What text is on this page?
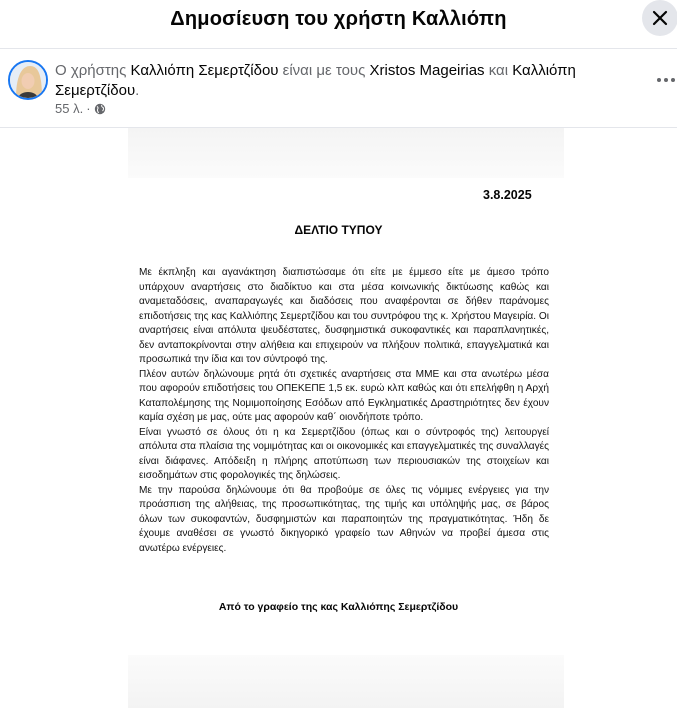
Δημοσίευση του χρήστη Καλλιόπη
Ο χρήστης Καλλιόπη Σεμερτζίδου είναι με τους Xristos Mageirias και Καλλιόπη Σεμερτζίδου.
55 λ. ·
3.8.2025
ΔΕΛΤΙΟ ΤΥΠΟΥ

Με έκπληξη και αγανάκτηση διαπιστώσαμε ότι είτε με έμμεσο είτε με άμεσο τρόπο υπάρχουν αναρτήσεις στο διαδίκτυο και στα μέσα κοινωνικής δικτύωσης καθώς και αναμεταδόσεις, αναπαραγωγές και διαδόσεις που αναφέρονται σε δήθεν παράνομες επιδοτήσεις της κας Καλλιόπης Σεμερτζίδου και του συντρόφου της κ. Χρήστου Μαγειρία. Οι αναρτήσεις είναι απόλυτα ψευδέστατες, δυσφημιστικά συκοφαντικές και παραπλανητικές, δεν ανταποκρίνονται στην αλήθεια και επιχειρούν να πλήξουν πολιτικά, επαγγελματικά και προσωπικά την ίδια και τον σύντροφό της.

Πλέον αυτών δηλώνουμε ρητά ότι σχετικές αναρτήσεις στα ΜΜΕ και στα ανωτέρω μέσα που αφορούν επιδοτήσεις του ΟΠΕΚΕΠΕ 1,5 εκ. ευρώ κλπ καθώς και ότι επελήφθη η Αρχή Καταπολέμησης της Νομιμοποίησης Εσόδων από Εγκληματικές Δραστηριότητες δεν έχουν καμία σχέση με μας, ούτε μας αφορούν καθ΄ οιονδήποτε τρόπο.

Είναι γνωστό σε όλους ότι η κα Σεμερτζίδου (όπως και ο σύντροφός της) λειτουργεί απόλυτα στα πλαίσια της νομιμότητας και οι οικονομικές και επαγγελματικές της συναλλαγές είναι διάφανες. Απόδειξη η πλήρης αποτύπωση των περιουσιακών της στοιχείων και εισοδημάτων στις φορολογικές της δηλώσεις.

Με την παρούσα δηλώνουμε ότι θα προβούμε σε όλες τις νόμιμες ενέργειες για την προάσπιση της αλήθειας, της προσωπικότητας, της τιμής και υπόληψής μας, σε βάρος όλων των συκοφαντών, δυσφημιστών και παραποιητών της πραγματικότητας. Ήδη δε έχουμε αναθέσει σε γνωστό δικηγορικό γραφείο των Αθηνών να προβεί άμεσα στις ανωτέρω ενέργειες.

Από το γραφείο της κας Καλλιόπης Σεμερτζίδου
